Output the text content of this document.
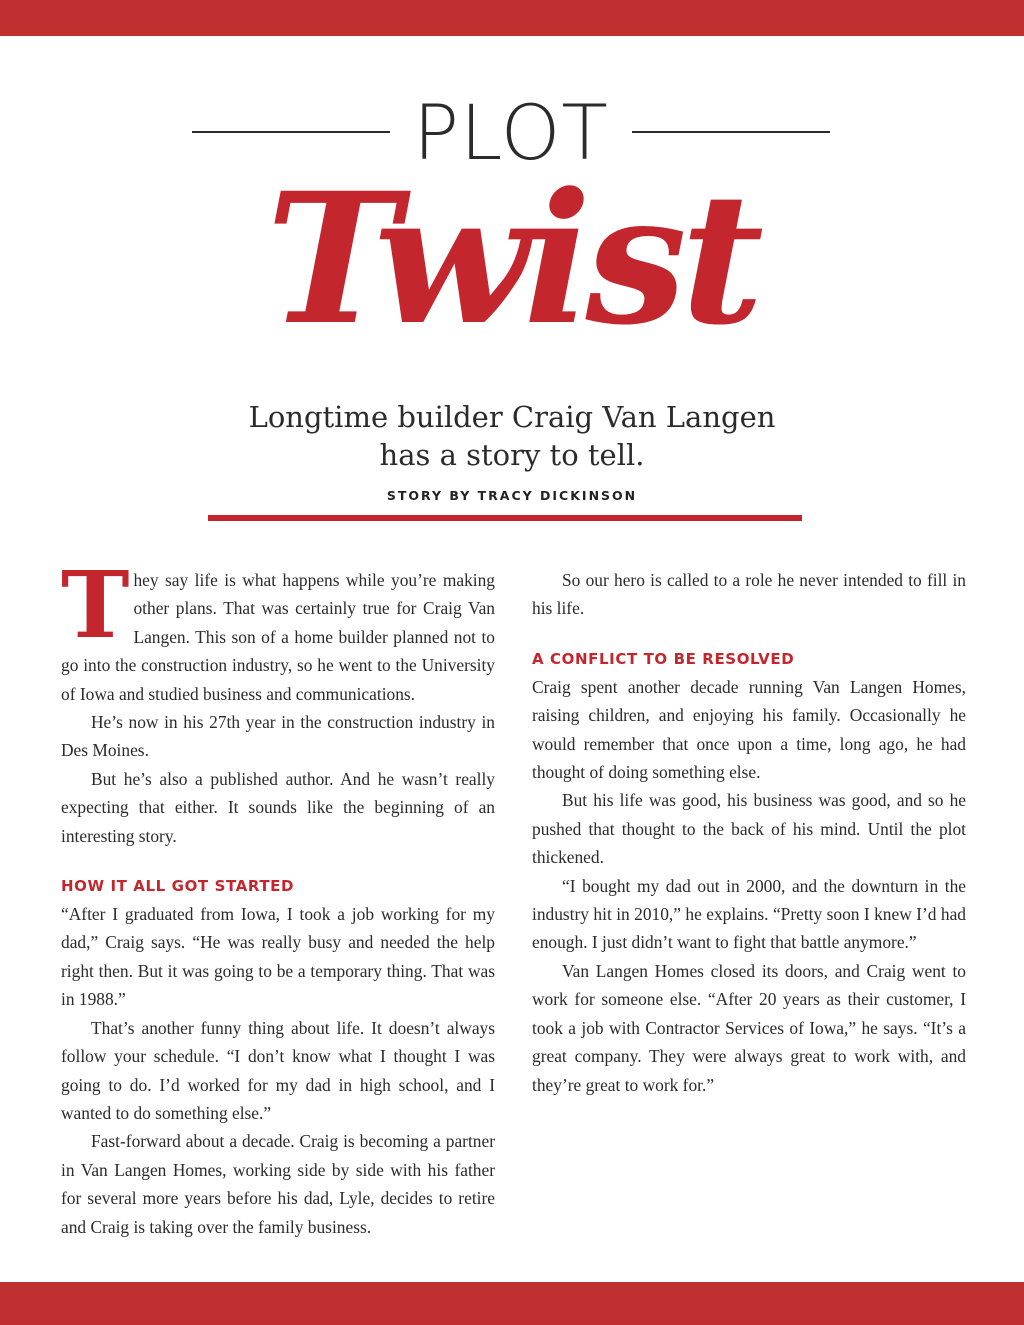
PLOT
Twist
Longtime builder Craig Van Langen
has a story to tell.
STORY BY TRACY DICKINSON

They say life is what happens while you’re making other plans. That was certainly true for Craig Van Langen. This son of a home builder planned not to go into the construction industry, so he went to the University of Iowa and studied business and communications.

He’s now in his 27th year in the construction industry in Des Moines.

But he’s also a published author. And he wasn’t really expecting that either. It sounds like the beginning of an interesting story.

HOW IT ALL GOT STARTED

“After I graduated from Iowa, I took a job working for my dad,” Craig says. “He was really busy and needed the help right then. But it was going to be a temporary thing. That was in 1988.”

That’s another funny thing about life. It doesn’t always follow your schedule. “I don’t know what I thought I was going to do. I’d worked for my dad in high school, and I wanted to do something else.”

Fast-forward about a decade. Craig is becoming a partner in Van Langen Homes, working side by side with his father for several more years before his dad, Lyle, decides to retire and Craig is taking over the family business.

So our hero is called to a role he never intended to fill in his life.

A CONFLICT TO BE RESOLVED

Craig spent another decade running Van Langen Homes, raising children, and enjoying his family. Occasionally he would remember that once upon a time, long ago, he had thought of doing something else.

But his life was good, his business was good, and so he pushed that thought to the back of his mind. Until the plot thickened.

“I bought my dad out in 2000, and the downturn in the industry hit in 2010,” he explains. “Pretty soon I knew I’d had enough. I just didn’t want to fight that battle anymore.”

Van Langen Homes closed its doors, and Craig went to work for someone else. “After 20 years as their customer, I took a job with Contractor Services of Iowa,” he says. “It’s a great company. They were always great to work with, and they’re great to work for.”
